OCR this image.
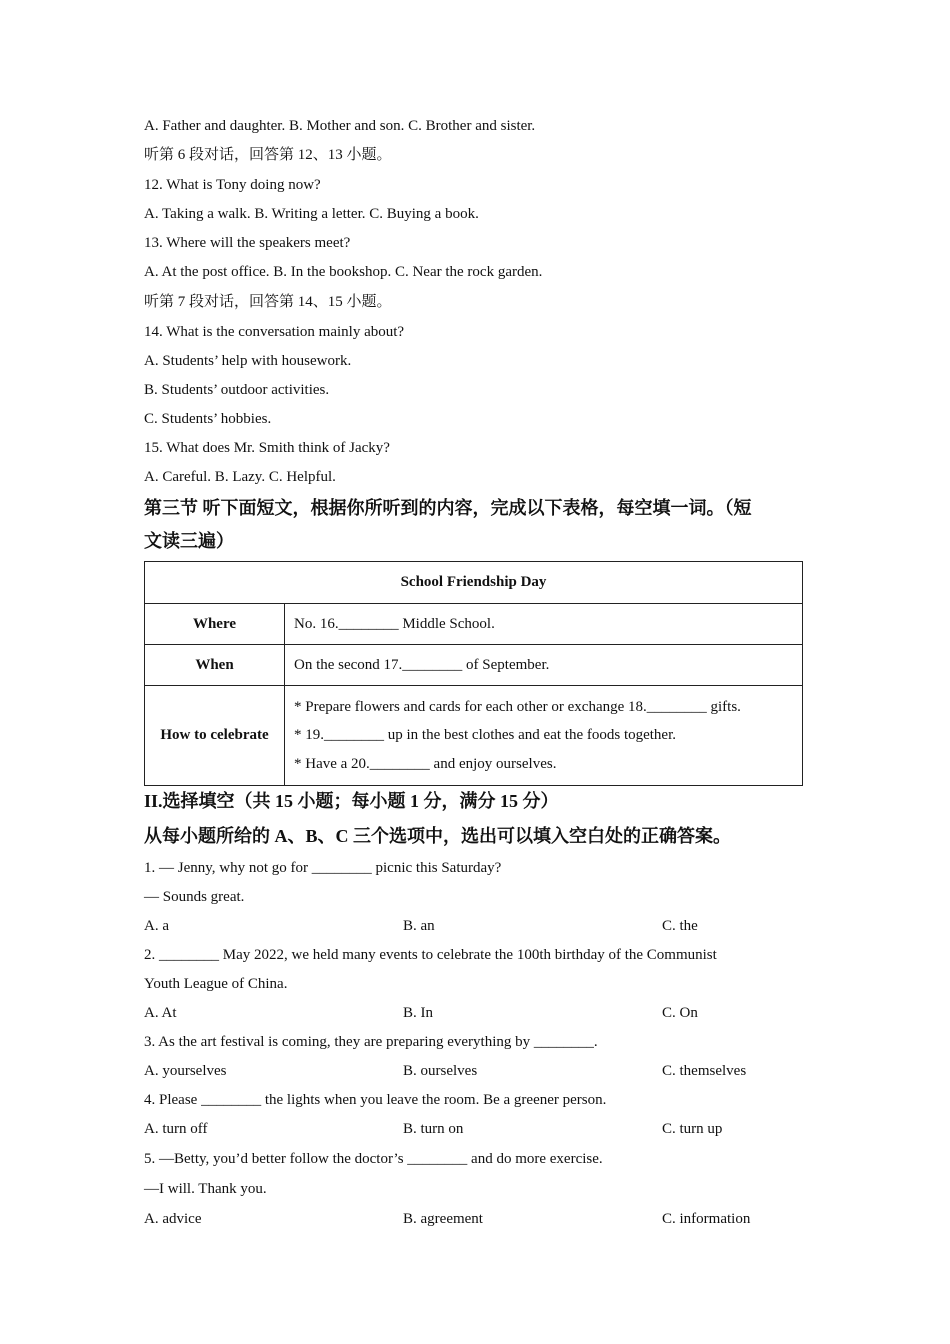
A. Father and daughter. B. Mother and son. C. Brother and sister.
听第 6 段对话，回答第 12、13 小题。
12. What is Tony doing now?
A. Taking a walk. B. Writing a letter. C. Buying a book.
13. Where will the speakers meet?
A. At the post office. B. In the bookshop. C. Near the rock garden.
听第 7 段对话，回答第 14、15 小题。
14. What is the conversation mainly about?
A. Students’ help with housework.
B. Students’ outdoor activities.
C. Students’ hobbies.
15. What does Mr. Smith think of Jacky?
A. Careful. B. Lazy. C. Helpful.
第三节 听下面短文，根据你所听到的内容，完成以下表格，每空填一词。（短
文读三遍）
School Friendship Day	
Where	No. 16.________ Middle School.
When	On the second 17.________ of September.
How to celebrate	* Prepare flowers and cards for each other or exchange 18.________ gifts.
* 19.________ up in the best clothes and eat the foods together.
* Have a 20.________ and enjoy ourselves.
II.选择填空（共 15 小题；每小题 1 分，满分 15 分）
从每小题所给的 A、B、C 三个选项中，选出可以填入空白处的正确答案。
1. — Jenny, why not go for ________ picnic this Saturday?
— Sounds great.
A. a	B. an	C. the
2. ________ May 2022, we held many events to celebrate the 100th birthday of the Communist
Youth League of China.
A. At	B. In	C. On
3. As the art festival is coming, they are preparing everything by ________.
A. yourselves	B. ourselves	C. themselves
4. Please ________ the lights when you leave the room. Be a greener person.
A. turn off	B. turn on	C. turn up
5. —Betty, you’d better follow the doctor’s ________ and do more exercise.
—I will. Thank you.
A. advice	B. agreement	C. information
